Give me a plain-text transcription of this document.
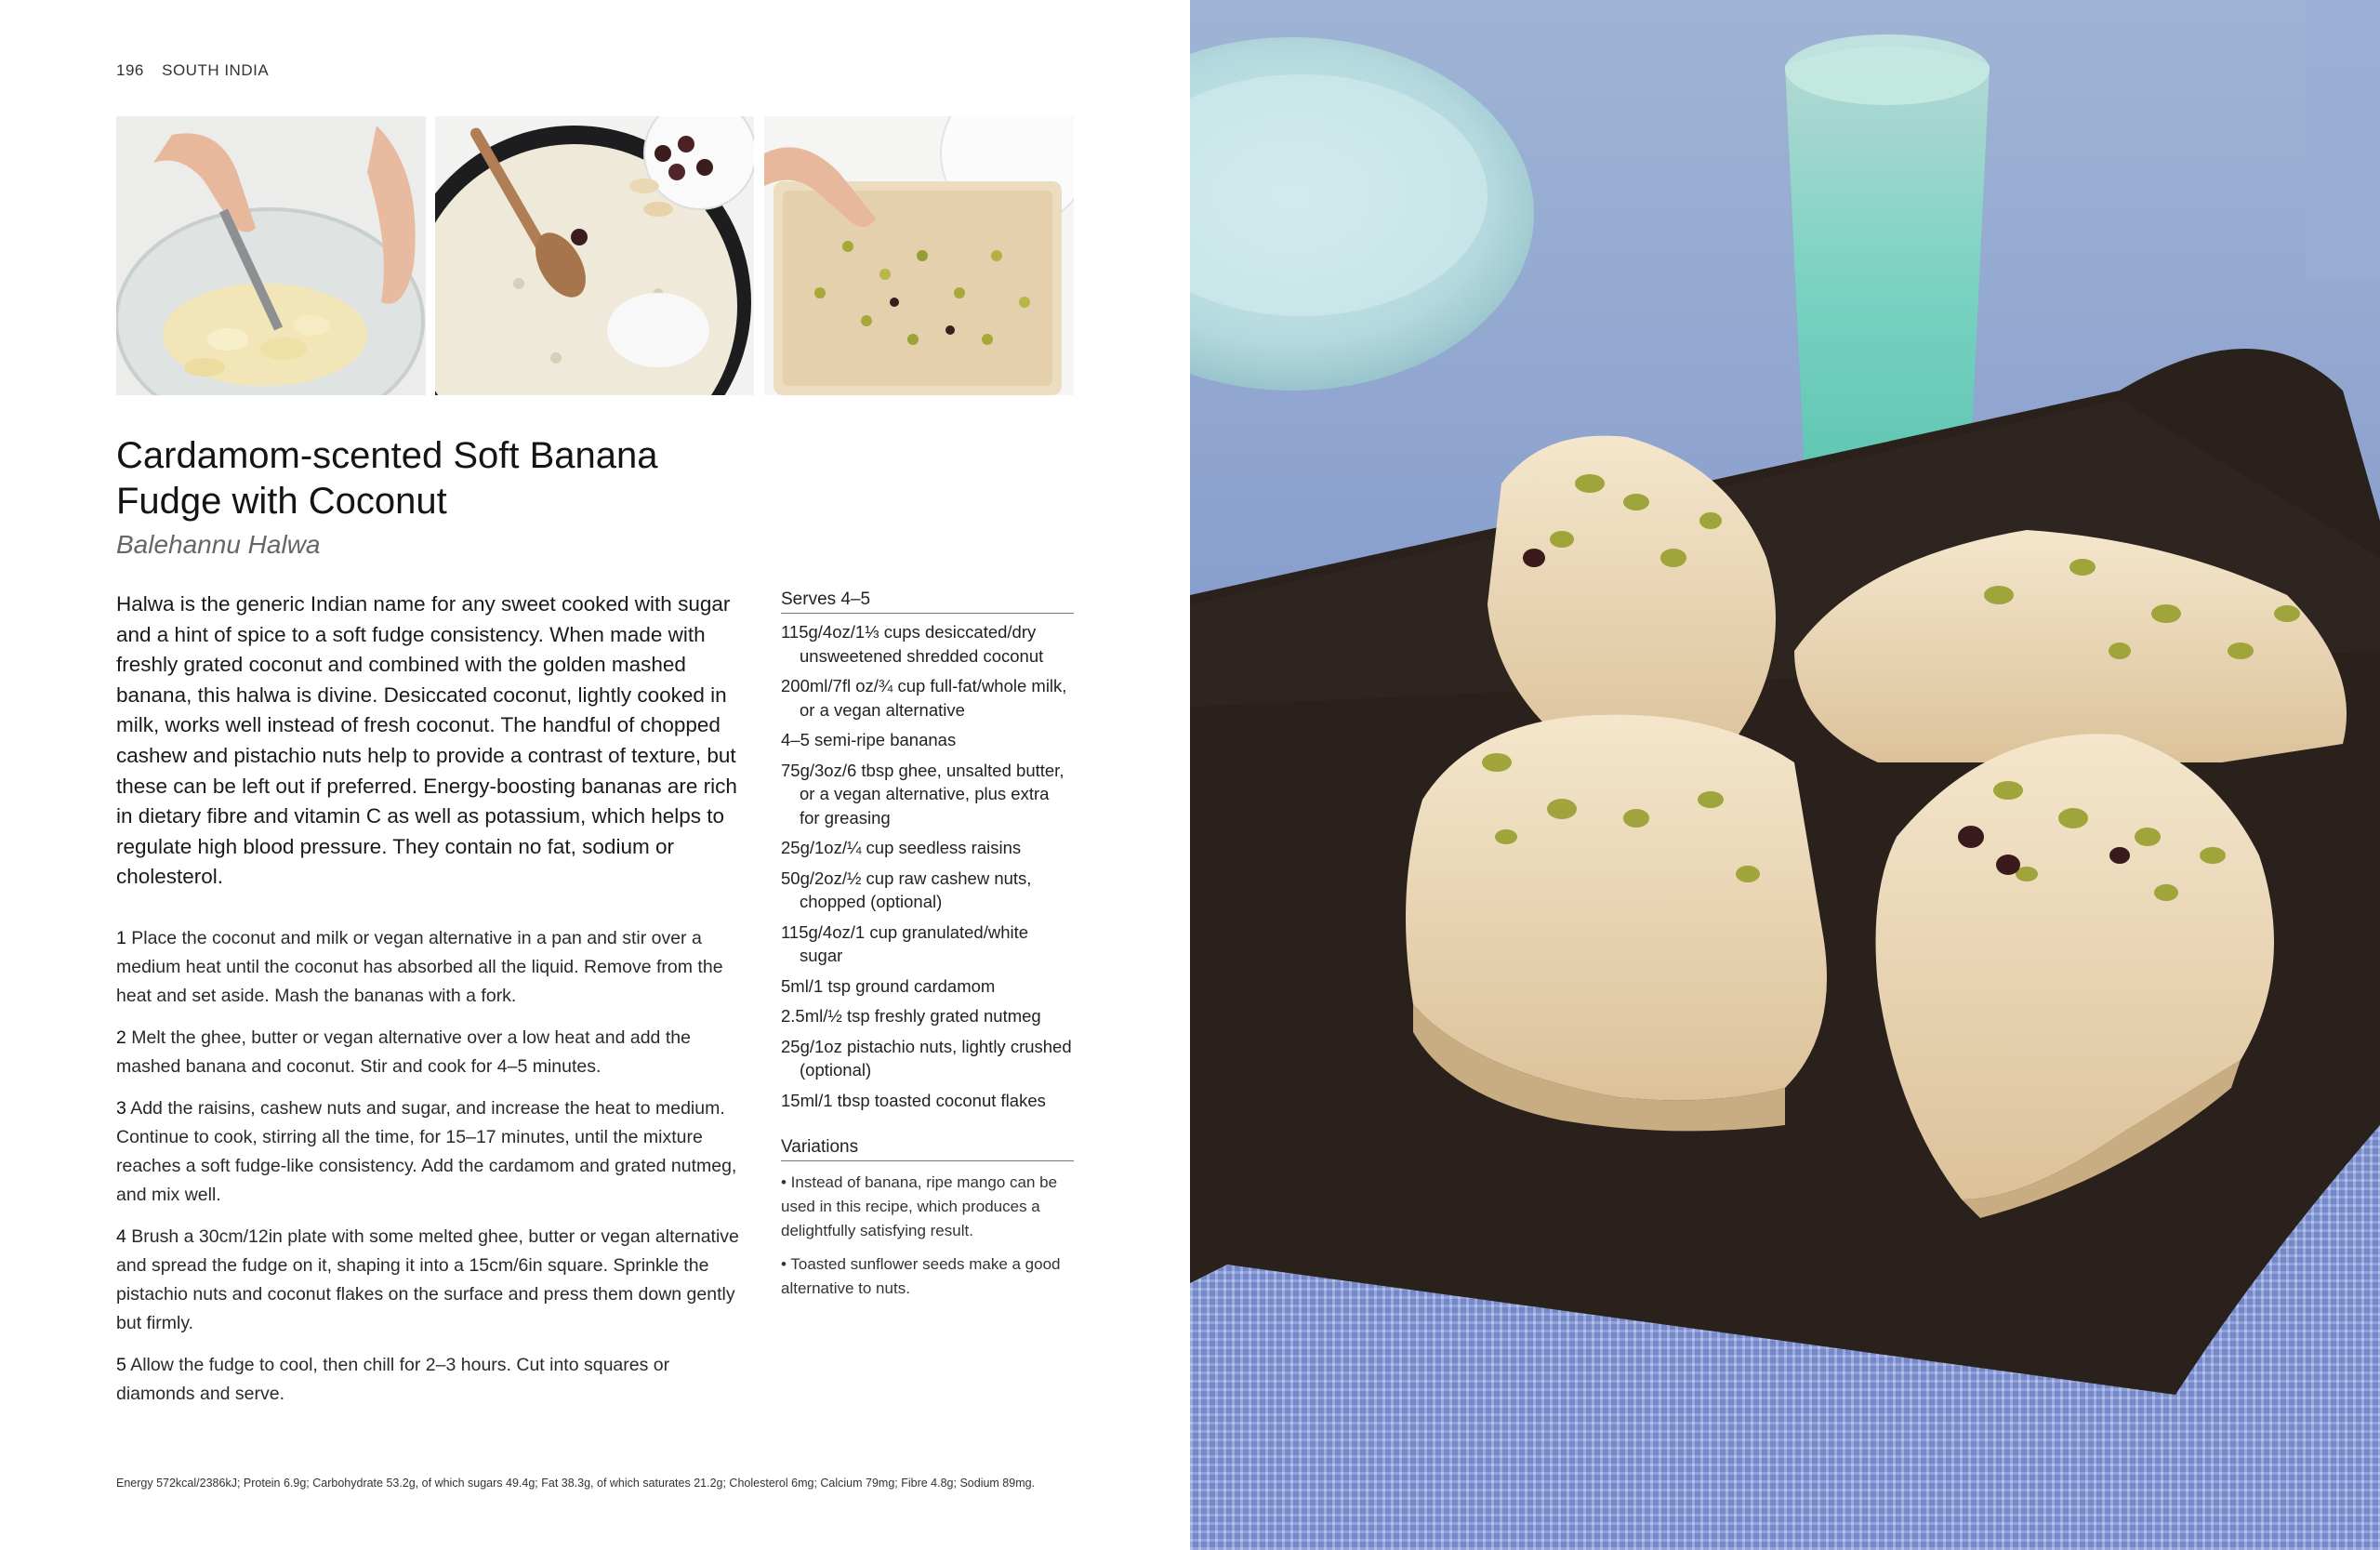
196 SOUTH INDIA
Cardamom-scented Soft Banana Fudge with Coconut
Balehannu Halwa

Halwa is the generic Indian name for any sweet cooked with sugar and a hint of spice to a soft fudge consistency. When made with freshly grated coconut and combined with the golden mashed banana, this halwa is divine. Desiccated coconut, lightly cooked in milk, works well instead of fresh coconut. The handful of chopped cashew and pistachio nuts help to provide a contrast of texture, but these can be left out if preferred. Energy-boosting bananas are rich in dietary fibre and vitamin C as well as potassium, which helps to regulate high blood pressure. They contain no fat, sodium or cholesterol.

1 Place the coconut and milk or vegan alternative in a pan and stir over a medium heat until the coconut has absorbed all the liquid. Remove from the heat and set aside. Mash the bananas with a fork.

2 Melt the ghee, butter or vegan alternative over a low heat and add the mashed banana and coconut. Stir and cook for 4–5 minutes.

3 Add the raisins, cashew nuts and sugar, and increase the heat to medium. Continue to cook, stirring all the time, for 15–17 minutes, until the mixture reaches a soft fudge-like consistency. Add the cardamom and grated nutmeg, and mix well.

4 Brush a 30cm/12in plate with some melted ghee, butter or vegan alternative and spread the fudge on it, shaping it into a 15cm/6in square. Sprinkle the pistachio nuts and coconut flakes on the surface and press them down gently but firmly.

5 Allow the fudge to cool, then chill for 2–3 hours. Cut into squares or diamonds and serve.

Serves 4–5

115g/4oz/1⅓ cups desiccated/dry unsweetened shredded coconut

200ml/7fl oz/¾ cup full-fat/whole milk, or a vegan alternative

4–5 semi-ripe bananas

75g/3oz/6 tbsp ghee, unsalted butter, or a vegan alternative, plus extra for greasing

25g/1oz/¼ cup seedless raisins

50g/2oz/½ cup raw cashew nuts, chopped (optional)

115g/4oz/1 cup granulated/white sugar

5ml/1 tsp ground cardamom

2.5ml/½ tsp freshly grated nutmeg

25g/1oz pistachio nuts, lightly crushed (optional)

15ml/1 tbsp toasted coconut flakes

Variations

• Instead of banana, ripe mango can be used in this recipe, which produces a delightfully satisfying result.

• Toasted sunflower seeds make a good alternative to nuts.

Energy 572kcal/2386kJ; Protein 6.9g; Carbohydrate 53.2g, of which sugars 49.4g; Fat 38.3g, of which saturates 21.2g; Cholesterol 6mg; Calcium 79mg; Fibre 4.8g; Sodium 89mg.
